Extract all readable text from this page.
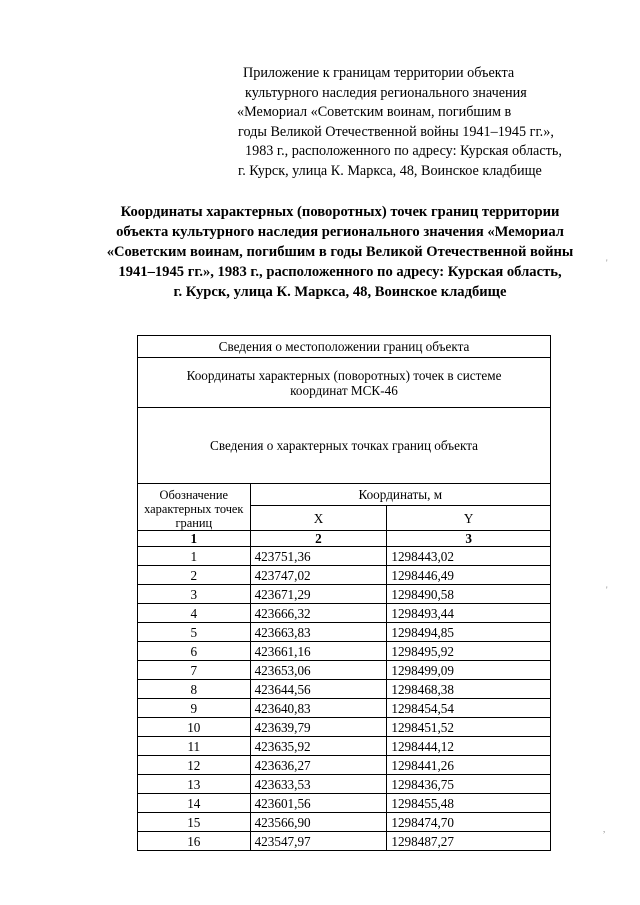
Приложение к границам территории объекта
культурного наследия регионального значения
«Мемориал «Советским воинам, погибшим в
годы Великой Отечественной войны 1941–1945 гг.»,
1983 г., расположенного по адресу: Курская область,
г. Курск, улица К. Маркса, 48, Воинское кладбище
Координаты характерных (поворотных) точек границ территории
объекта культурного наследия регионального значения «Мемориал
«Советским воинам, погибшим в годы Великой Отечественной войны
1941–1945 гг.», 1983 г., расположенного по адресу: Курская область,
г. Курск, улица К. Маркса, 48, Воинское кладбище
Сведения о местоположении границ объекта		
Координаты характерных (поворотных) точек в системе координат МСК-46		
Сведения о характерных точках границ объекта		

Обозначение характерных точек границ	Координаты, м	
	X	Y
1	2	3
1	423751,36	1298443,02
2	423747,02	1298446,49
3	423671,29	1298490,58
4	423666,32	1298493,44
5	423663,83	1298494,85
6	423661,16	1298495,92
7	423653,06	1298499,09
8	423644,56	1298468,38
9	423640,83	1298454,54
10	423639,79	1298451,52
11	423635,92	1298444,12
12	423636,27	1298441,26
13	423633,53	1298436,75
14	423601,56	1298455,48
15	423566,90	1298474,70
16	423547,97	1298487,27
'
'
,
